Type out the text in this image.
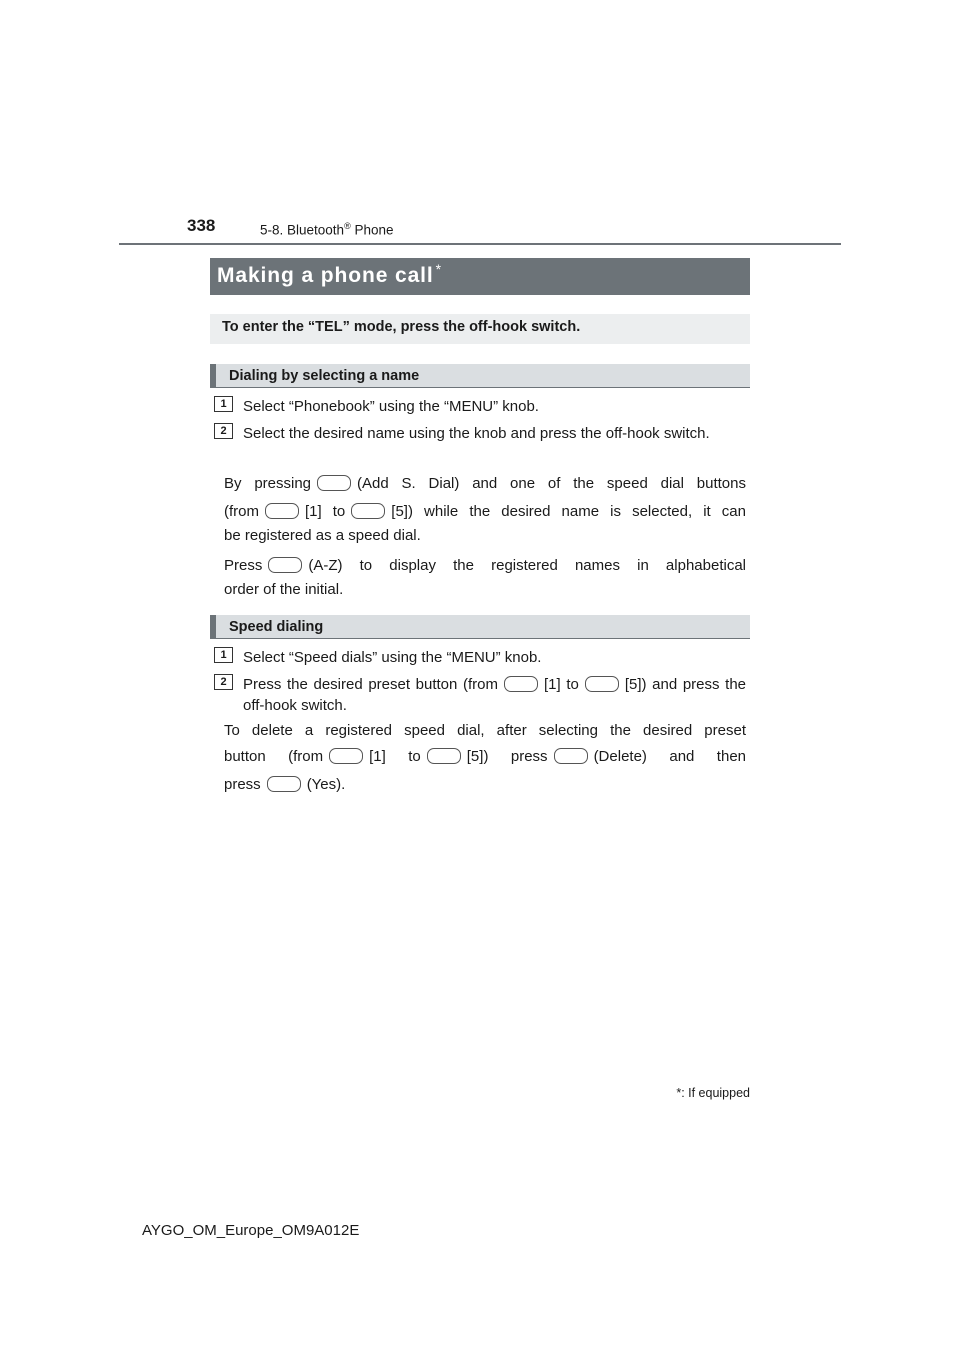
338	5-8. Bluetooth® Phone
Making a phone call *
To enter the “TEL” mode, press the off-hook switch.
Dialing by selecting a name
1	Select “Phonebook” using the “MENU” knob.
2	Select the desired name using the knob and press the off-hook switch.
By pressing	(Add S. Dial) and one of the speed dial buttons
(from	[1] to	[5]) while the desired name is selected, it can
be registered as a speed dial.
Press	(A-Z) to display the registered names in alphabetical
order of the initial.
Speed dialing
1	Select “Speed dials” using the “MENU” knob.
2	Press the desired preset button (from	[1] to	[5]) and press the off-hook switch.
To delete a registered speed dial, after selecting the desired preset
button (from	[1] to	[5]) press	(Delete) and then
press	(Yes).
*: If equipped
AYGO_OM_Europe_OM9A012E
